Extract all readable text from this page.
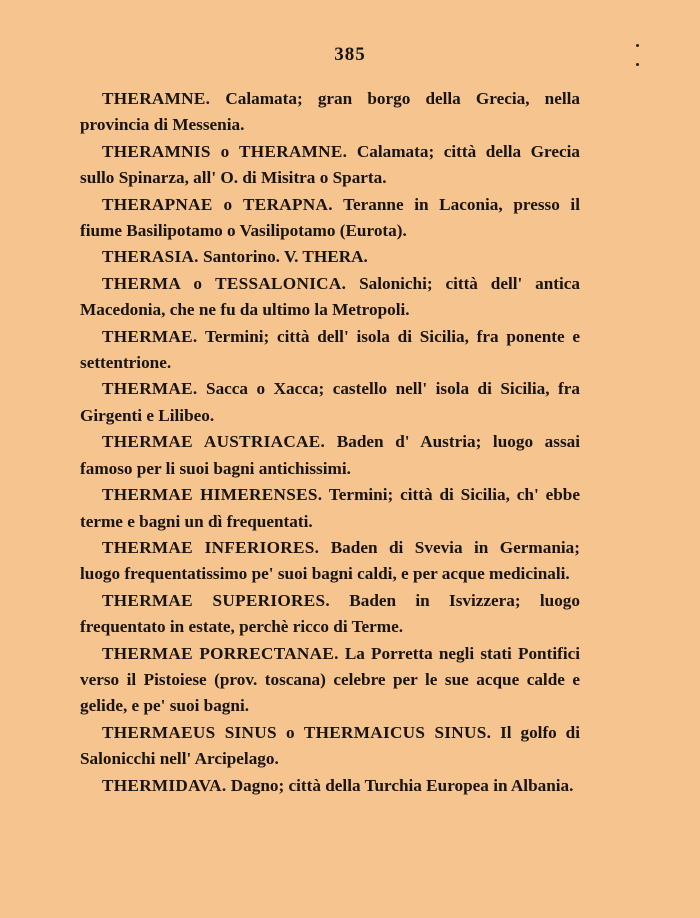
385

THERAMNE. Calamata; gran borgo della Grecia, nella provincia di Messenia.

THERAMNIS o THERAMNE. Calamata; città della Grecia sullo Spinarza, all' O. di Misitra o Sparta.

THERAPNAE o TERAPNA. Teranne in Laconia, presso il fiume Basilipotamo o Vasilipotamo (Eurota).

THERASIA. Santorino. V. THERA.

THERMA o TESSALONICA. Salonichi; città dell' antica Macedonia, che ne fu da ultimo la Metropoli.

THERMAE. Termini; città dell' isola di Sicilia, fra ponente e settentrione.

THERMAE. Sacca o Xacca; castello nell' isola di Sicilia, fra Girgenti e Lilibeo.

THERMAE AUSTRIACAE. Baden d' Austria; luogo assai famoso per li suoi bagni antichissimi.

THERMAE HIMERENSES. Termini; città di Sicilia, ch' ebbe terme e bagni un dì frequentati.

THERMAE INFERIORES. Baden di Svevia in Germania; luogo frequentatissimo pe' suoi bagni caldi, e per acque medicinali.

THERMAE SUPERIORES. Baden in Isvizzera; luogo frequentato in estate, perchè ricco di Terme.

THERMAE PORRECTANAE. La Porretta negli stati Pontifici verso il Pistoiese (prov. toscana) celebre per le sue acque calde e gelide, e pe' suoi bagni.

THERMAEUS SINUS o THERMAICUS SINUS. Il golfo di Salonicchi nell' Arcipelago.

THERMIDAVA. Dagno; città della Turchia Europea in Albania.
